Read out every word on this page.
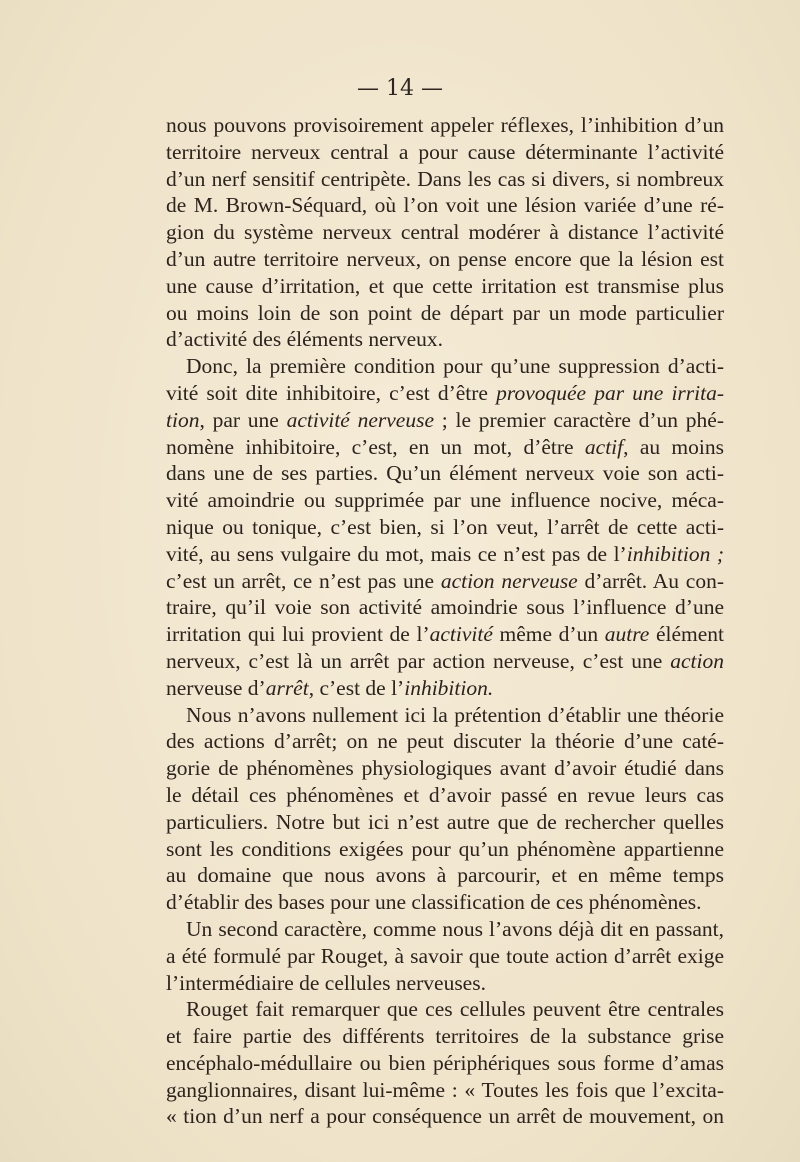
— 14 —
nous pouvons provisoirement appeler réflexes, l’inhibition d’un
territoire nerveux central a pour cause déterminante l’activité
d’un nerf sensitif centripète. Dans les cas si divers, si nombreux
de M. Brown-Séquard, où l’on voit une lésion variée d’une ré-
gion du système nerveux central modérer à distance l’activité
d’un autre territoire nerveux, on pense encore que la lésion est
une cause d’irritation, et que cette irritation est transmise plus
ou moins loin de son point de départ par un mode particulier
d’activité des éléments nerveux.
Donc, la première condition pour qu’une suppression d’acti-
vité soit dite inhibitoire, c’est d’être provoquée par une irrita-
tion, par une activité nerveuse ; le premier caractère d’un phé-
nomène inhibitoire, c’est, en un mot, d’être actif, au moins
dans une de ses parties. Qu’un élément nerveux voie son acti-
vité amoindrie ou supprimée par une influence nocive, méca-
nique ou tonique, c’est bien, si l’on veut, l’arrêt de cette acti-
vité, au sens vulgaire du mot, mais ce n’est pas de l’inhibition ;
c’est un arrêt, ce n’est pas une action nerveuse d’arrêt. Au con-
traire, qu’il voie son activité amoindrie sous l’influence d’une
irritation qui lui provient de l’activité même d’un autre élément
nerveux, c’est là un arrêt par action nerveuse, c’est une action
nerveuse d’arrêt, c’est de l’inhibition.
Nous n’avons nullement ici la prétention d’établir une théorie
des actions d’arrêt; on ne peut discuter la théorie d’une caté-
gorie de phénomènes physiologiques avant d’avoir étudié dans
le détail ces phénomènes et d’avoir passé en revue leurs cas
particuliers. Notre but ici n’est autre que de rechercher quelles
sont les conditions exigées pour qu’un phénomène appartienne
au domaine que nous avons à parcourir, et en même temps
d’établir des bases pour une classification de ces phénomènes.
Un second caractère, comme nous l’avons déjà dit en passant,
a été formulé par Rouget, à savoir que toute action d’arrêt exige
l’intermédiaire de cellules nerveuses.
Rouget fait remarquer que ces cellules peuvent être centrales
et faire partie des différents territoires de la substance grise
encéphalo-médullaire ou bien périphériques sous forme d’amas
ganglionnaires, disant lui-même : « Toutes les fois que l’excita-
« tion d’un nerf a pour conséquence un arrêt de mouvement, on
